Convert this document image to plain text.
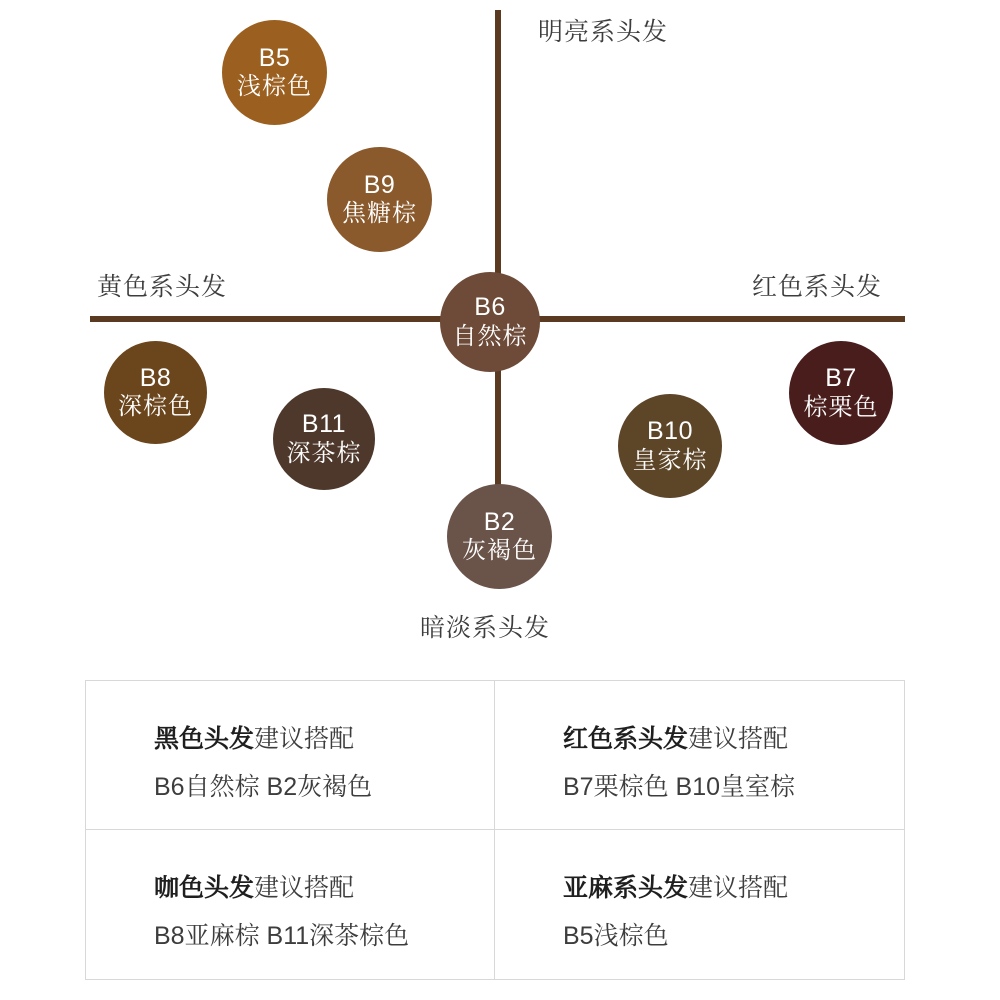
明亮系头发
黄色系头发	红色系头发
暗淡系头发
B5
浅棕色
B9
焦糖棕
B6
自然棕
B8
深棕色
B11
深茶棕
B10
皇家棕
B7
棕栗色
B2
灰褐色
黑色头发建议搭配
B6自然棕 B2灰褐色
红色系头发建议搭配
B7栗棕色 B10皇室棕
咖色头发建议搭配
B8亚麻棕 B11深茶棕色
亚麻系头发建议搭配
B5浅棕色
